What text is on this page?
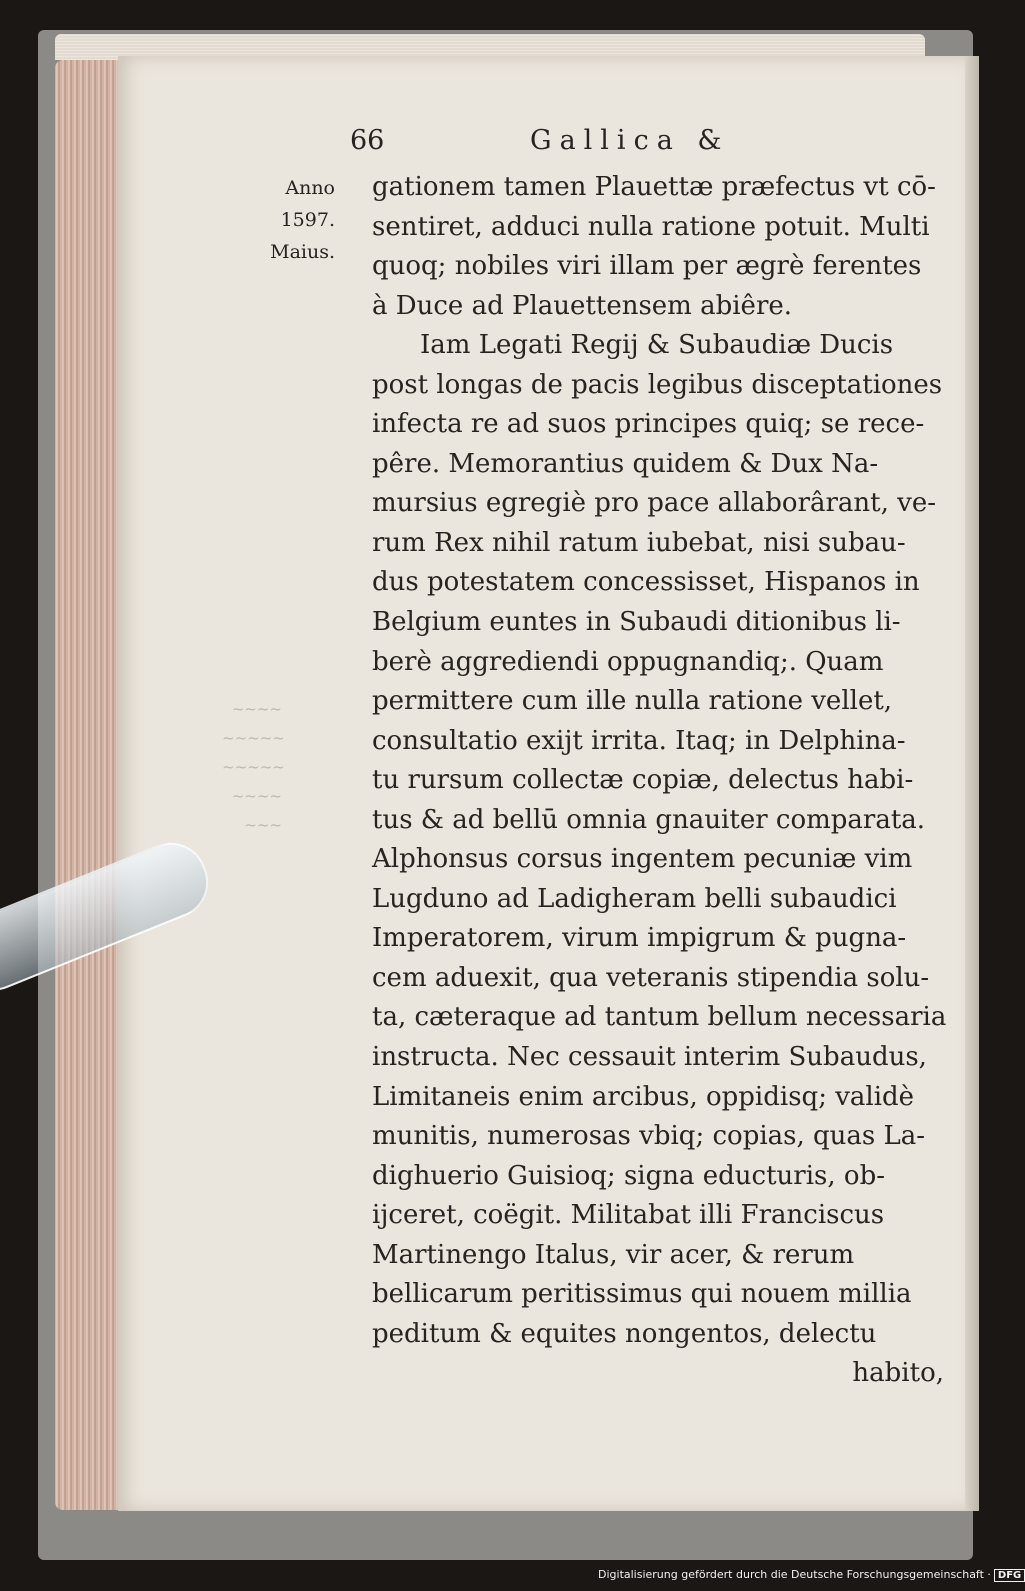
66	Gallica &
Anno
1597.
Maius.
~~~~
~~~~~
~~~~~
~~~~
~~~
gationem tamen Plauettæ præfectus vt cō-
sentiret, adduci nulla ratione potuit. Multi
quoq; nobiles viri illam per ægrè ferentes
à Duce ad Plauettensem abiêre.
Iam Legati Regij & Subaudiæ Ducis
post longas de pacis legibus disceptationes
infecta re ad suos principes quiq; se rece-
pêre. Memorantius quidem & Dux Na-
mursius egregiè pro pace allaborârant, ve-
rum Rex nihil ratum iubebat, nisi subau-
dus potestatem concessisset, Hispanos in
Belgium euntes in Subaudi ditionibus li-
berè aggrediendi oppugnandiq;. Quam
permittere cum ille nulla ratione vellet,
consultatio exijt irrita. Itaq; in Delphina-
tu rursum collectæ copiæ, delectus habi-
tus & ad bellū omnia gnauiter comparata.
Alphonsus corsus ingentem pecuniæ vim
Lugduno ad Ladigheram belli subaudici
Imperatorem, virum impigrum & pugna-
cem aduexit, qua veteranis stipendia solu-
ta, cæteraque ad tantum bellum necessaria
instructa. Nec cessauit interim Subaudus,
Limitaneis enim arcibus, oppidisq; validè
munitis, numerosas vbiq; copias, quas La-
dighuerio Guisioq; signa educturis, ob-
ijceret, coëgit. Militabat illi Franciscus
Martinengo Italus, vir acer, & rerum
bellicarum peritissimus qui nouem millia
peditum & equites nongentos, delectu
habito,
Digitalisierung gefördert durch die Deutsche Forschungsgemeinschaft · DFG
